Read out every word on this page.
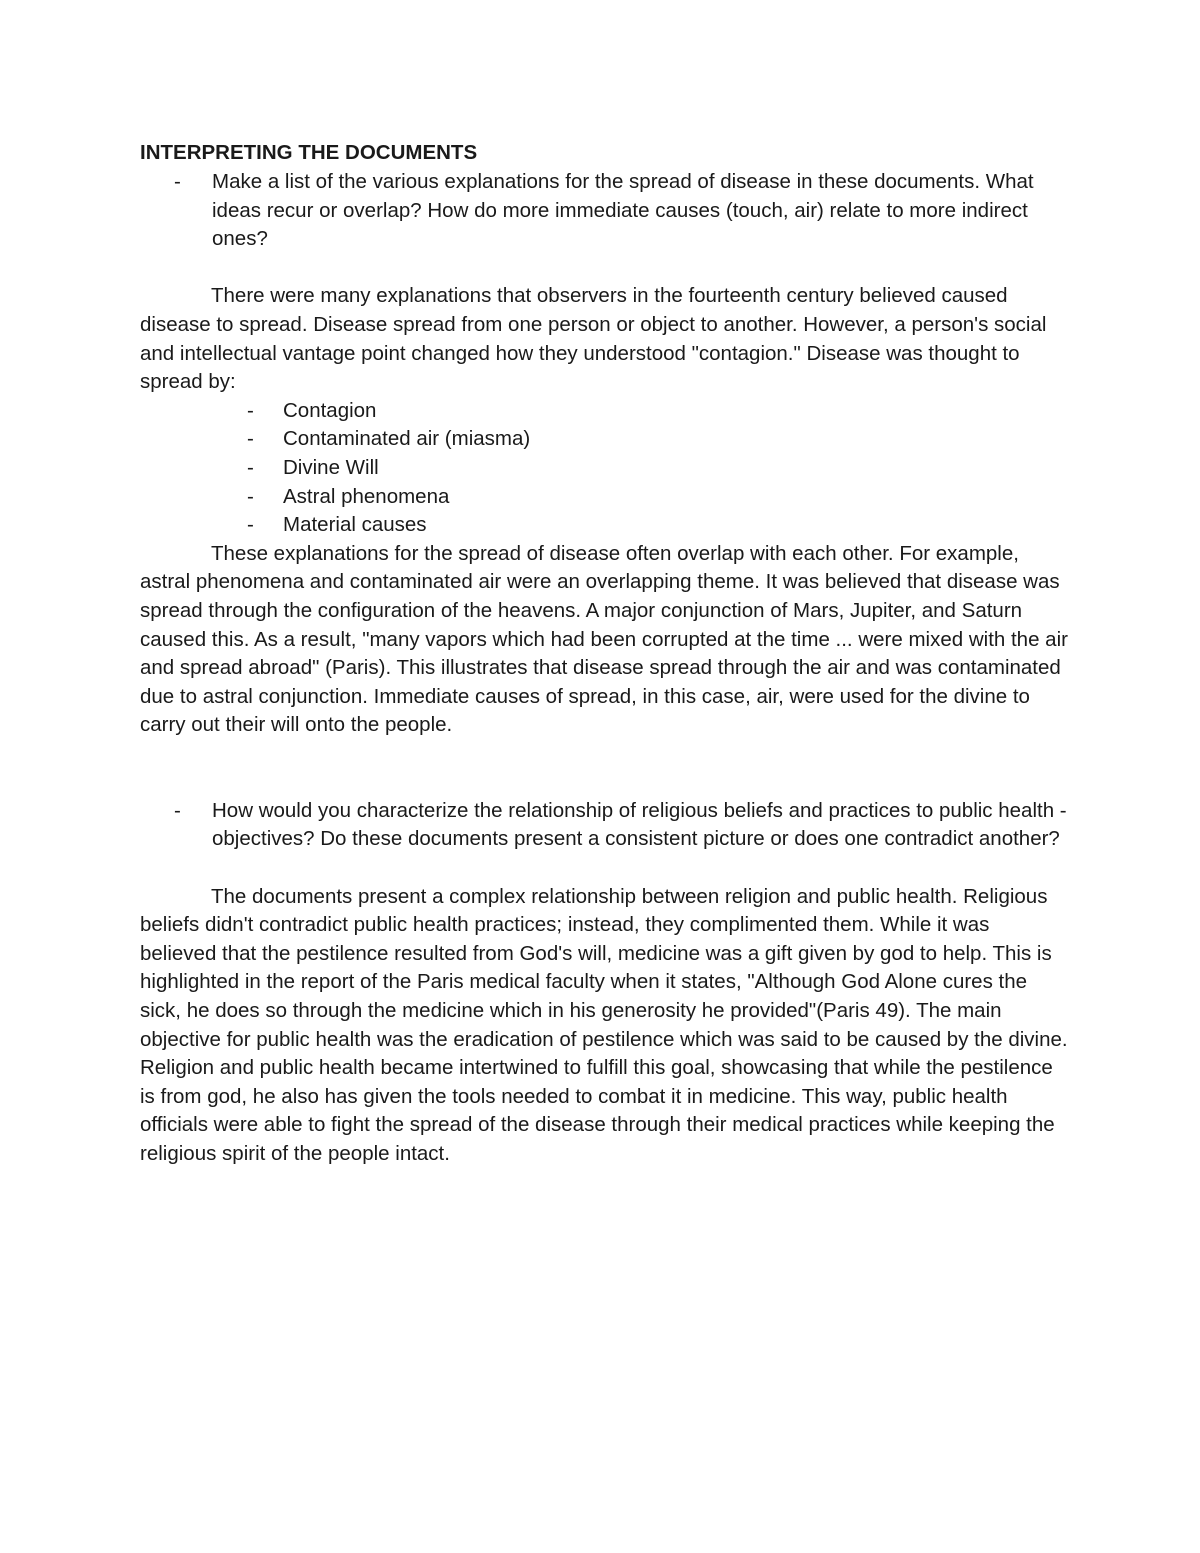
INTERPRETING THE DOCUMENTS

- Make a list of the various explanations for the spread of disease in these documents. What ideas recur or overlap? How do more immediate causes (touch, air) relate to more indirect ones?

There were many explanations that observers in the fourteenth century believed caused disease to spread. Disease spread from one person or object to another. However, a person's social and intellectual vantage point changed how they understood "contagion." Disease was thought to spread by:

- Contagion
- Contaminated air (miasma)
- Divine Will
- Astral phenomena
- Material causes

These explanations for the spread of disease often overlap with each other. For example, astral phenomena and contaminated air were an overlapping theme. It was believed that disease was spread through the configuration of the heavens. A major conjunction of Mars, Jupiter, and Saturn caused this. As a result, "many vapors which had been corrupted at the time ... were mixed with the air and spread abroad" (Paris). This illustrates that disease spread through the air and was contaminated due to astral conjunction. Immediate causes of spread, in this case, air, were used for the divine to carry out their will onto the people.

- How would you characterize the relationship of religious beliefs and practices to public health - objectives? Do these documents present a consistent picture or does one contradict another?

The documents present a complex relationship between religion and public health. Religious beliefs didn't contradict public health practices; instead, they complimented them. While it was believed that the pestilence resulted from God's will, medicine was a gift given by god to help. This is highlighted in the report of the Paris medical faculty when it states, "Although God Alone cures the sick, he does so through the medicine which in his generosity he provided"(Paris 49). The main objective for public health was the eradication of pestilence which was said to be caused by the divine. Religion and public health became intertwined to fulfill this goal, showcasing that while the pestilence is from god, he also has given the tools needed to combat it in medicine. This way, public health officials were able to fight the spread of the disease through their medical practices while keeping the religious spirit of the people intact.
